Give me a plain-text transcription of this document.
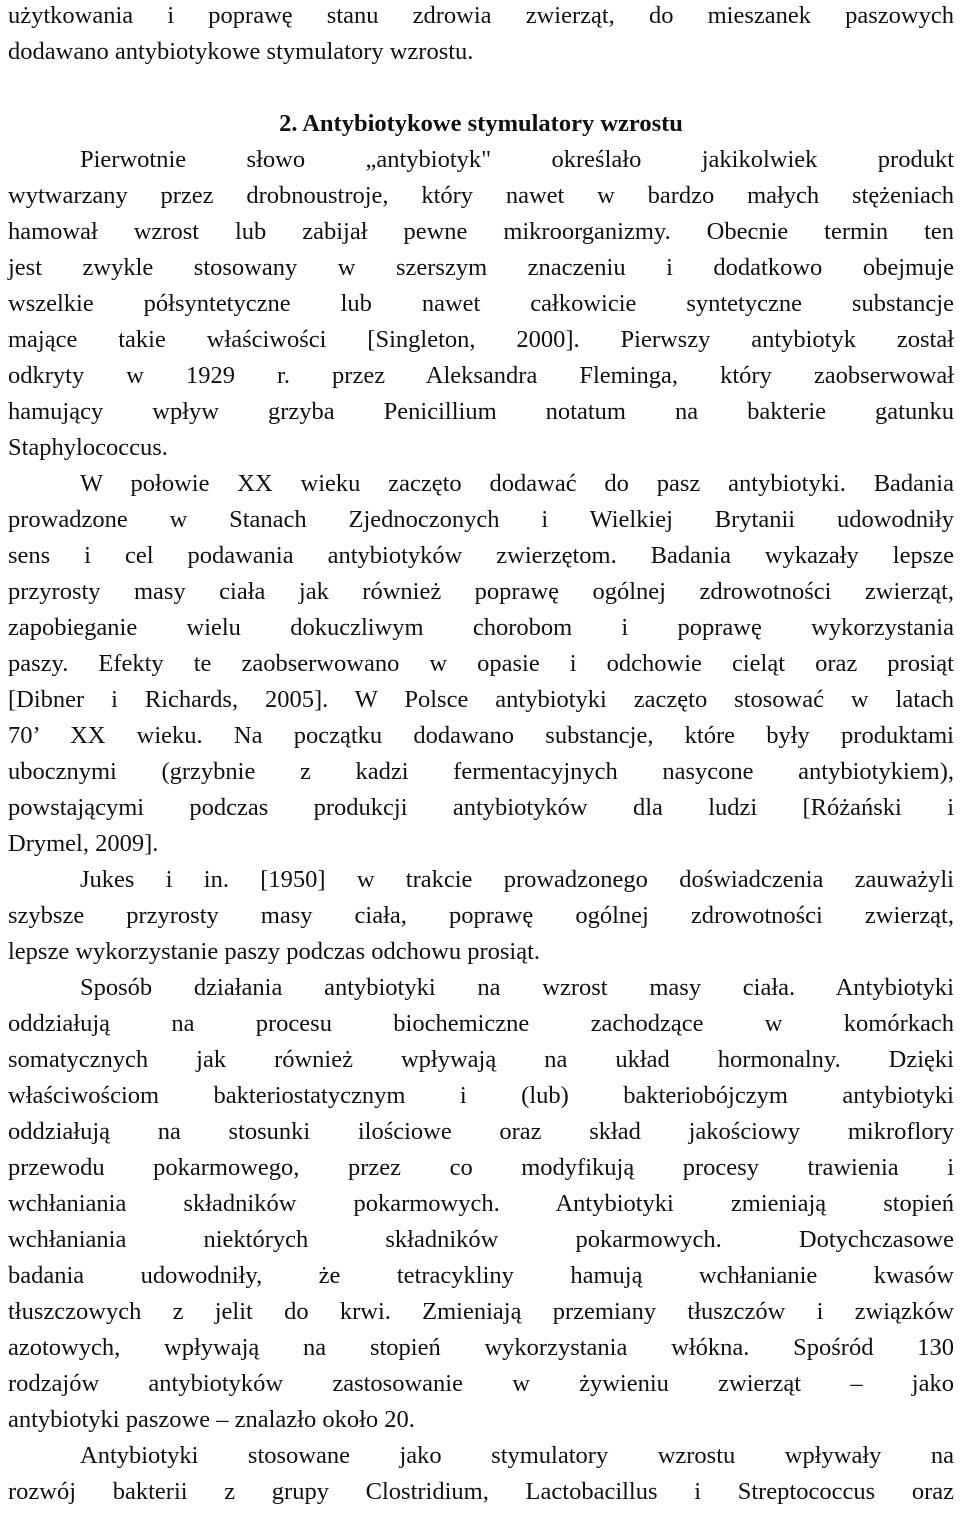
użytkowania i poprawę stanu zdrowia zwierząt, do mieszanek paszowych
dodawano antybiotykowe stymulatory wzrostu.
2. Antybiotykowe stymulatory wzrostu
Pierwotnie słowo „antybiotyk" określało jakikolwiek produkt
wytwarzany przez drobnoustroje, który nawet w bardzo małych stężeniach
hamował wzrost lub zabijał pewne mikroorganizmy. Obecnie termin ten
jest zwykle stosowany w szerszym znaczeniu i dodatkowo obejmuje
wszelkie półsyntetyczne lub nawet całkowicie syntetyczne substancje
mające takie właściwości [Singleton, 2000]. Pierwszy antybiotyk został
odkryty w 1929 r. przez Aleksandra Fleminga, który zaobserwował
hamujący wpływ grzyba Penicillium notatum na bakterie gatunku
Staphylococcus.
W połowie XX wieku zaczęto dodawać do pasz antybiotyki. Badania
prowadzone w Stanach Zjednoczonych i Wielkiej Brytanii udowodniły
sens i cel podawania antybiotyków zwierzętom. Badania wykazały lepsze
przyrosty masy ciała jak również poprawę ogólnej zdrowotności zwierząt,
zapobieganie wielu dokuczliwym chorobom i poprawę wykorzystania
paszy. Efekty te zaobserwowano w opasie i odchowie cieląt oraz prosiąt
[Dibner i Richards, 2005]. W Polsce antybiotyki zaczęto stosować w latach
70’ XX wieku. Na początku dodawano substancje, które były produktami
ubocznymi (grzybnie z kadzi fermentacyjnych nasycone antybiotykiem),
powstającymi podczas produkcji antybiotyków dla ludzi [Różański i
Drymel, 2009].
Jukes i in. [1950] w trakcie prowadzonego doświadczenia zauważyli
szybsze przyrosty masy ciała, poprawę ogólnej zdrowotności zwierząt,
lepsze wykorzystanie paszy podczas odchowu prosiąt.
Sposób działania antybiotyki na wzrost masy ciała. Antybiotyki
oddziałują na procesu biochemiczne zachodzące w komórkach
somatycznych jak również wpływają na układ hormonalny. Dzięki
właściwościom bakteriostatycznym i (lub) bakteriobójczym antybiotyki
oddziałują na stosunki ilościowe oraz skład jakościowy mikroflory
przewodu pokarmowego, przez co modyfikują procesy trawienia i
wchłaniania składników pokarmowych. Antybiotyki zmieniają stopień
wchłaniania niektórych składników pokarmowych. Dotychczasowe
badania udowodniły, że tetracykliny hamują wchłanianie kwasów
tłuszczowych z jelit do krwi. Zmieniają przemiany tłuszczów i związków
azotowych, wpływają na stopień wykorzystania włókna. Spośród 130
rodzajów antybiotyków zastosowanie w żywieniu zwierząt – jako
antybiotyki paszowe – znalazło około 20.
Antybiotyki stosowane jako stymulatory wzrostu wpływały na
rozwój bakterii z grupy Clostridium, Lactobacillus i Streptococcus oraz
